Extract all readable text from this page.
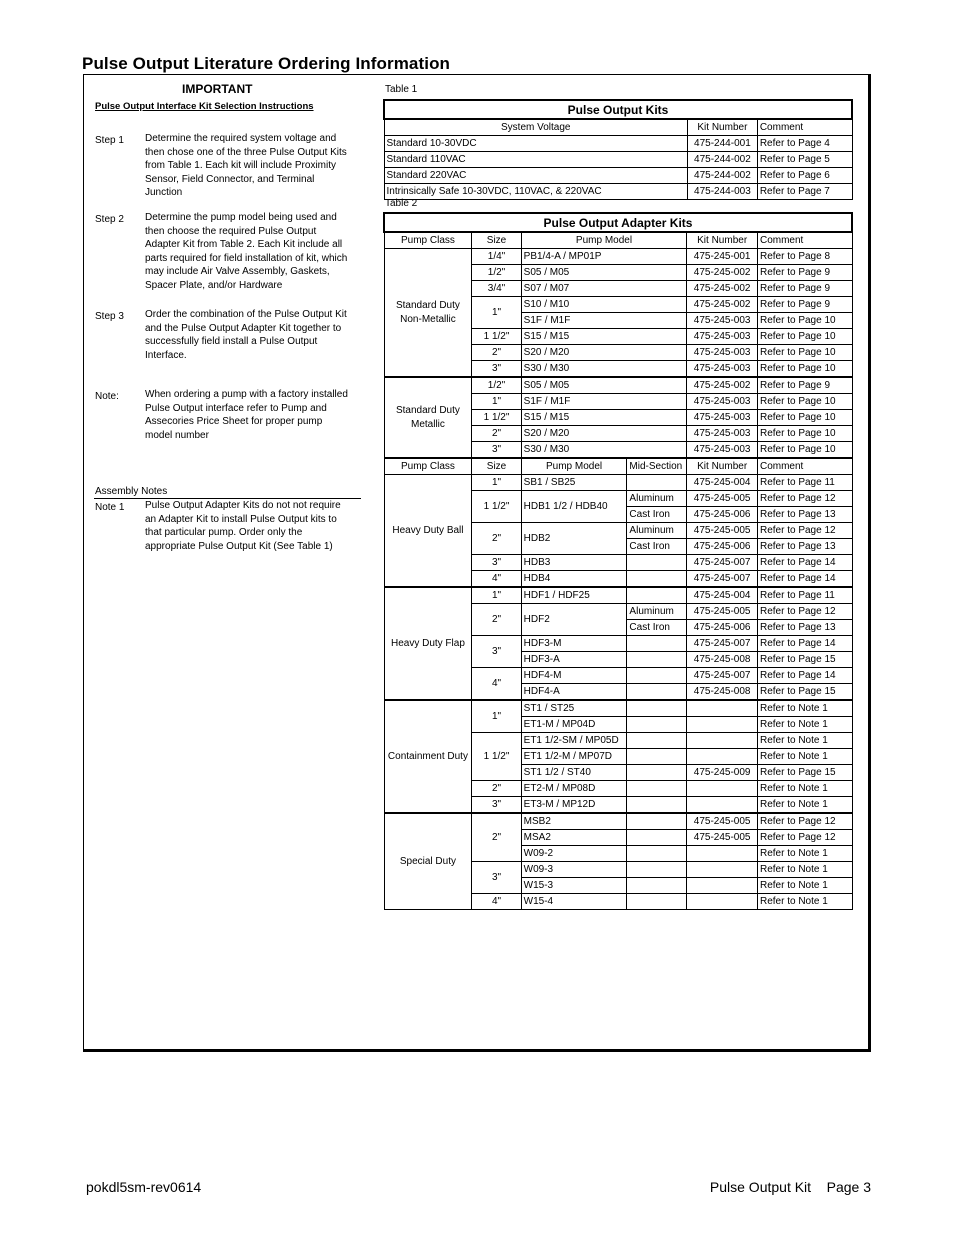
Pulse Output Literature Ordering Information
IMPORTANT
Pulse Output Interface Kit Selection Instructions
Step 1 Determine the required system voltage and then chose one of the three Pulse Output Kits from Table 1. Each kit will include Proximity Sensor, Field Connector, and Terminal Junction
Step 2 Determine the pump model being used and then choose the required Pulse Output Adapter Kit from Table 2. Each Kit include all parts required for field installation of kit, which may include Air Valve Assembly, Gaskets, Spacer Plate, and/or Hardware
Step 3 Order the combination of the Pulse Output Kit and the Pulse Output Adapter Kit together to successfully field install a Pulse Output Interface.
Note:	When ordering a pump with a factory installed Pulse Output interface refer to Pump and Assecories Price Sheet for proper pump model number
Assembly Notes
Note 1 Pulse Output Adapter Kits do not not require an Adapter Kit to install Pulse Output kits to that particular pump. Order only the appropriate Pulse Output Kit (See Table 1)
Table 1
Pulse Output Kits		
System Voltage	Kit Number	Comment
Standard 10-30VDC	475-244-001	Refer to Page 4
Standard 110VAC	475-244-002	Refer to Page 5
Standard 220VAC	475-244-002	Refer to Page 6
Intrinsically Safe 10-30VDC, 110VAC, & 220VAC	475-244-003	Refer to Page 7
Table 2
Pulse Output Adapter Kits					
Pump Class	Size	Pump Model		Kit Number	Comment
Standard Duty Non-Metallic	1/4"	PB1/4-A / MP01P		475-245-001	Refer to Page 8
	1/2"	S05 / M05		475-245-002	Refer to Page 9
	3/4"	S07 / M07		475-245-002	Refer to Page 9
	1"	S10 / M10		475-245-002	Refer to Page 9
		S1F / M1F		475-245-003	Refer to Page 10
	1 1/2"	S15 / M15		475-245-003	Refer to Page 10
	2"	S20 / M20		475-245-003	Refer to Page 10
	3"	S30 / M30		475-245-003	Refer to Page 10
Standard Duty Metallic	1/2"	S05 / M05		475-245-002	Refer to Page 9
	1"	S1F / M1F		475-245-003	Refer to Page 10
	1 1/2"	S15 / M15		475-245-003	Refer to Page 10
	2"	S20 / M20		475-245-003	Refer to Page 10
	3"	S30 / M30		475-245-003	Refer to Page 10
Pump Class	Size	Pump Model	Mid-Section	Kit Number	Comment
Heavy Duty Ball	1"	SB1 / SB25		475-245-004	Refer to Page 11
	1 1/2"	HDB1 1/2 / HDB40	Aluminum	475-245-005	Refer to Page 12
			Cast Iron	475-245-006	Refer to Page 13
	2"	HDB2	Aluminum	475-245-005	Refer to Page 12
			Cast Iron	475-245-006	Refer to Page 13
	3"	HDB3		475-245-007	Refer to Page 14
	4"	HDB4		475-245-007	Refer to Page 14
Heavy Duty Flap	1"	HDF1 / HDF25		475-245-004	Refer to Page 11
	2"	HDF2	Aluminum	475-245-005	Refer to Page 12
			Cast Iron	475-245-006	Refer to Page 13
	3"	HDF3-M		475-245-007	Refer to Page 14
		HDF3-A		475-245-008	Refer to Page 15
	4"	HDF4-M		475-245-007	Refer to Page 14
		HDF4-A		475-245-008	Refer to Page 15
Containment Duty	1"	ST1 / ST25			Refer to Note 1
		ET1-M / MP04D			Refer to Note 1
	1 1/2"	ET1 1/2-SM / MP05D			Refer to Note 1
		ET1 1/2-M / MP07D			Refer to Note 1
		ST1 1/2 / ST40		475-245-009	Refer to Page 15
	2"	ET2-M / MP08D			Refer to Note 1
	3"	ET3-M / MP12D			Refer to Note 1
Special Duty	2"	MSB2		475-245-005	Refer to Page 12
		MSA2		475-245-005	Refer to Page 12
		W09-2			Refer to Note 1
	3"	W09-3			Refer to Note 1
		W15-3			Refer to Note 1
	4"	W15-4			Refer to Note 1
pokdl5sm-rev0614	Pulse Output Kit    Page 3
